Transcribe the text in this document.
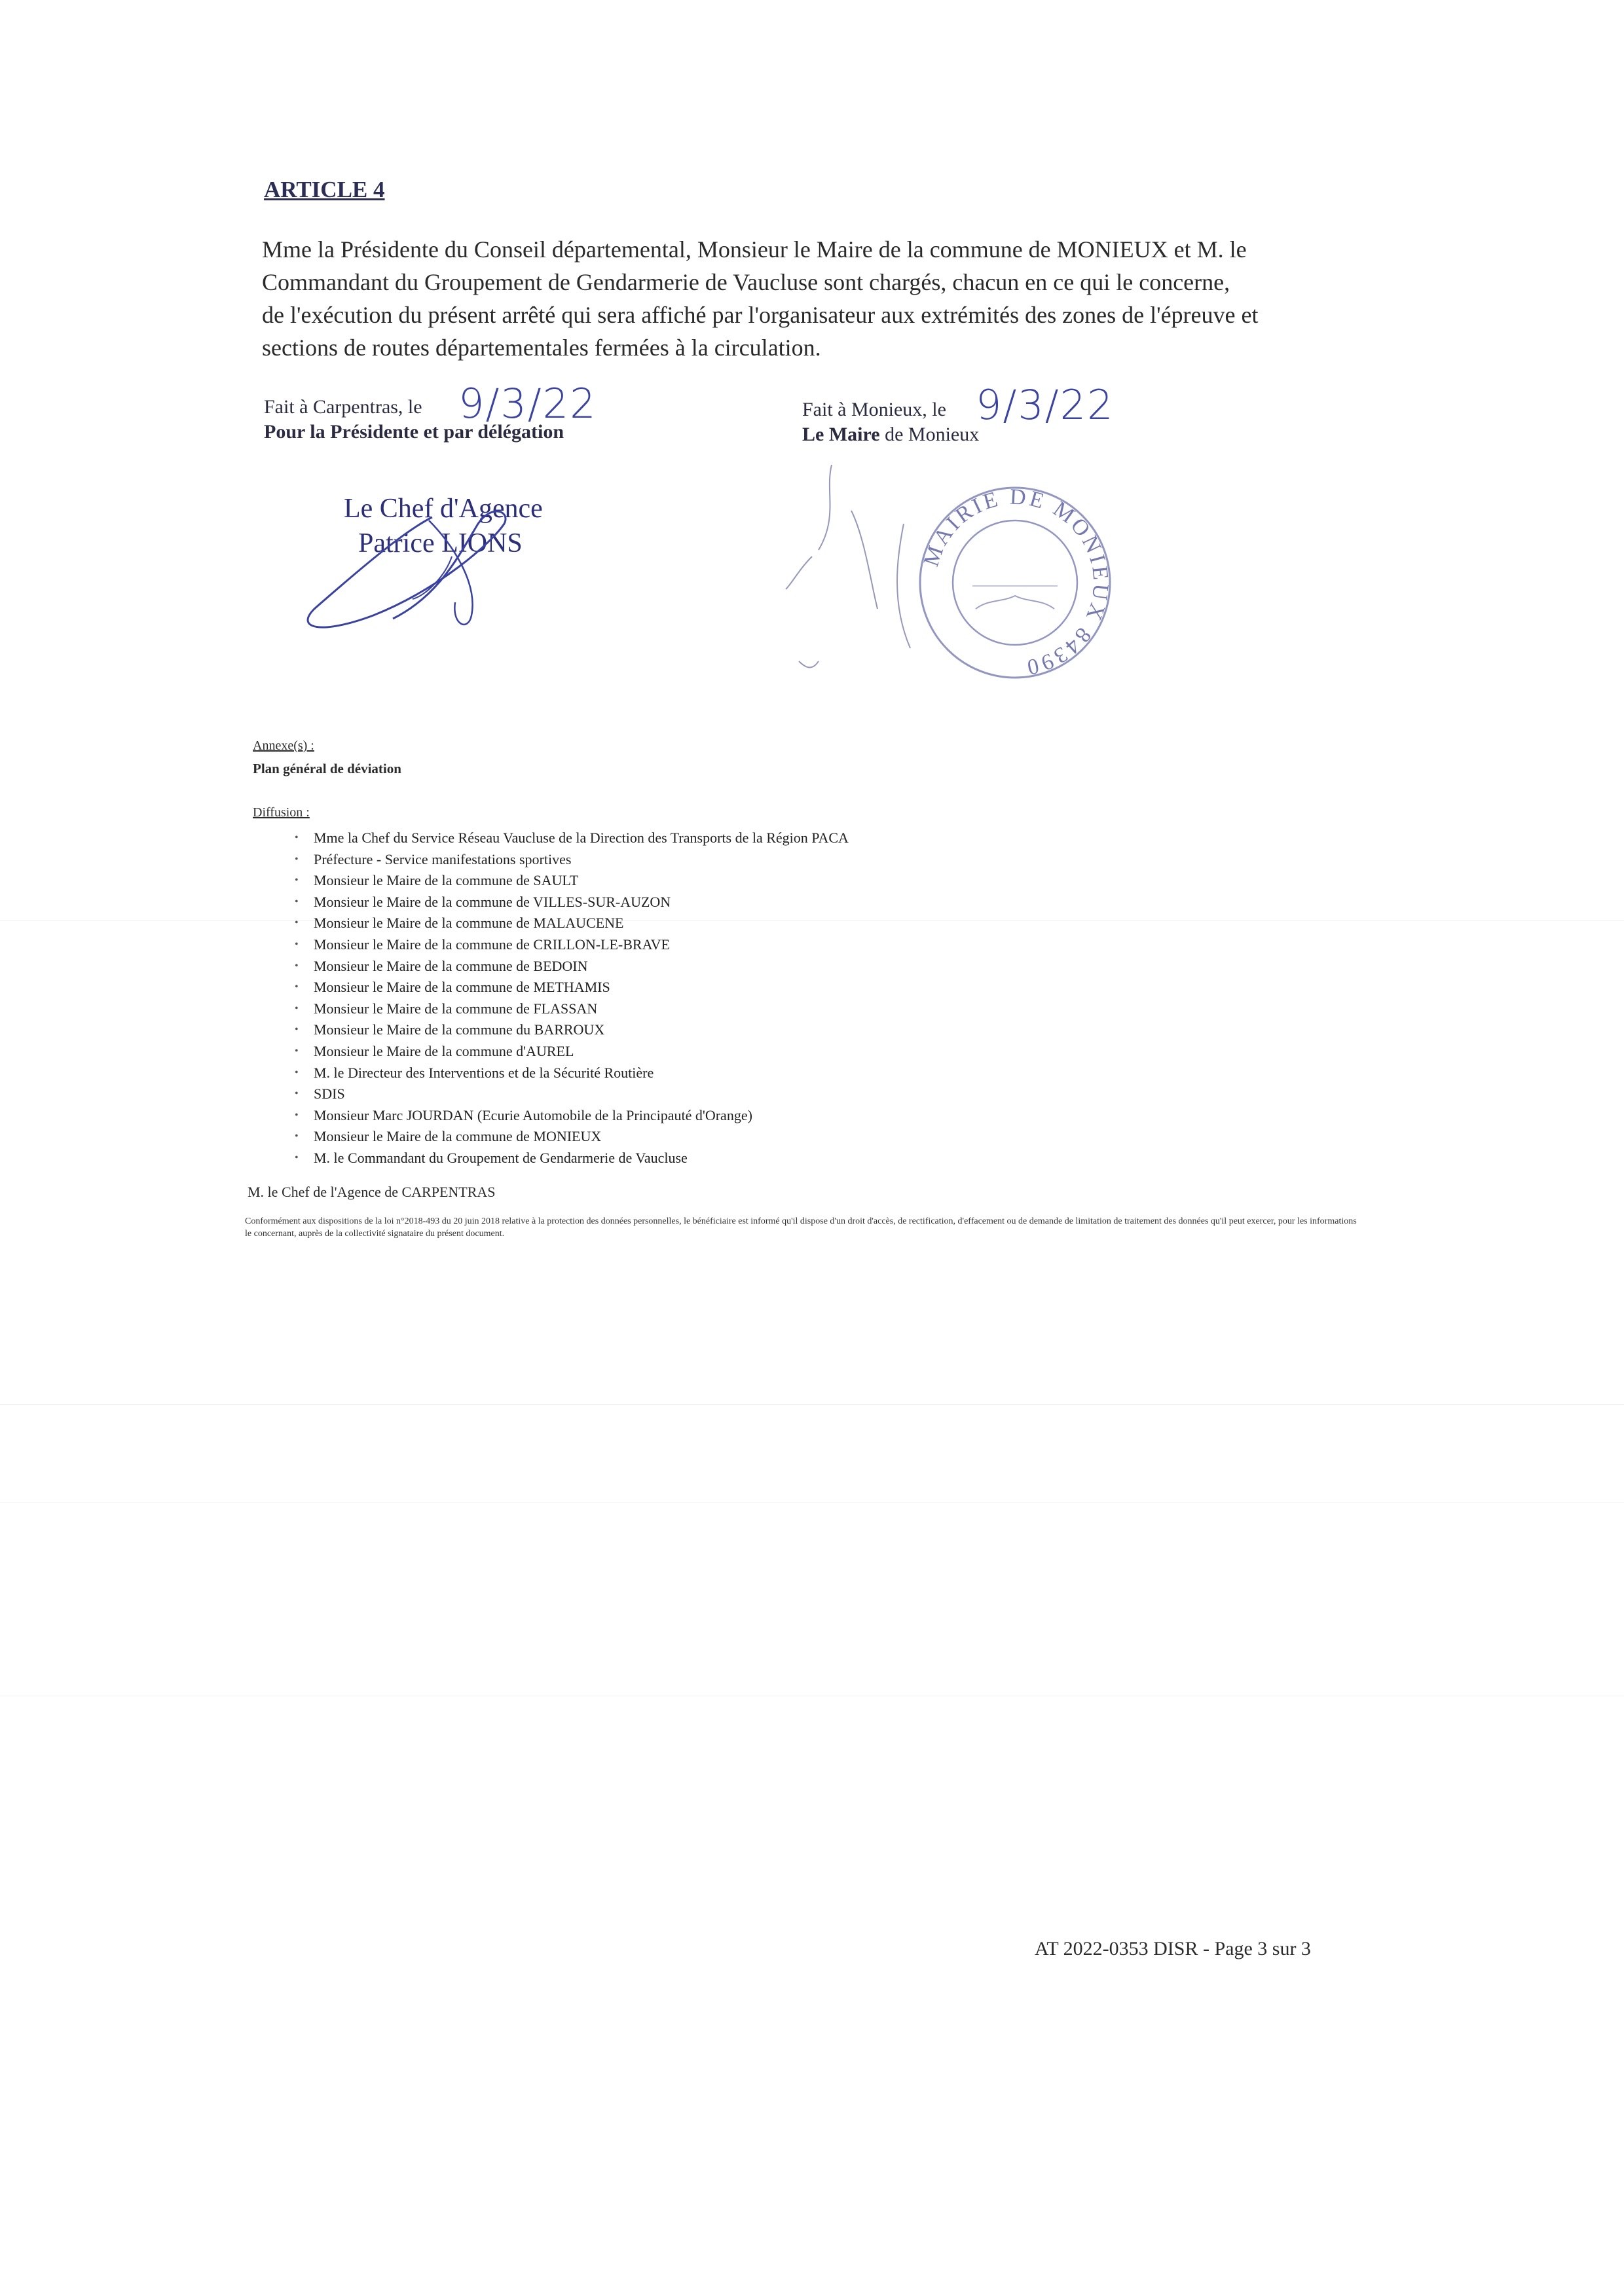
ARTICLE 4

Mme la Présidente du Conseil départemental, Monsieur le Maire de la commune de MONIEUX et M. le

Commandant du Groupement de Gendarmerie de Vaucluse sont chargés, chacun en ce qui le concerne,

de l'exécution du présent arrêté qui sera affiché par l'organisateur aux extrémités des zones de l'épreuve et

sections de routes départementales fermées à la circulation.

Fait à Carpentras, le 9/3/22
Pour la Présidente et par délégation
Le Chef d'Agence
Patrice LIONS
Fait à Monieux, le 9/3/22
Le Maire de Monieux
MAIRIE DE MONIEUX 84390
Annexe(s) :
Plan général de déviation
Diffusion :
• Mme la Chef du Service Réseau Vaucluse de la Direction des Transports de la Région PACA
• Préfecture - Service manifestations sportives
• Monsieur le Maire de la commune de SAULT
• Monsieur le Maire de la commune de VILLES-SUR-AUZON
• Monsieur le Maire de la commune de MALAUCENE
• Monsieur le Maire de la commune de CRILLON-LE-BRAVE
• Monsieur le Maire de la commune de BEDOIN
• Monsieur le Maire de la commune de METHAMIS
• Monsieur le Maire de la commune de FLASSAN
• Monsieur le Maire de la commune du BARROUX
• Monsieur le Maire de la commune d'AUREL
• M. le Directeur des Interventions et de la Sécurité Routière
• SDIS
• Monsieur Marc JOURDAN (Ecurie Automobile de la Principauté d'Orange)
• Monsieur le Maire de la commune de MONIEUX
• M. le Commandant du Groupement de Gendarmerie de Vaucluse
M. le Chef de l'Agence de CARPENTRAS
Conformément aux dispositions de la loi n°2018-493 du 20 juin 2018 relative à la protection des données personnelles, le bénéficiaire est informé qu'il dispose d'un droit d'accès, de rectification, d'effacement ou de demande de limitation de traitement des données qu'il peut exercer, pour les informations le concernant, auprès de la collectivité signataire du présent document.
AT 2022-0353 DISR - Page 3 sur 3
